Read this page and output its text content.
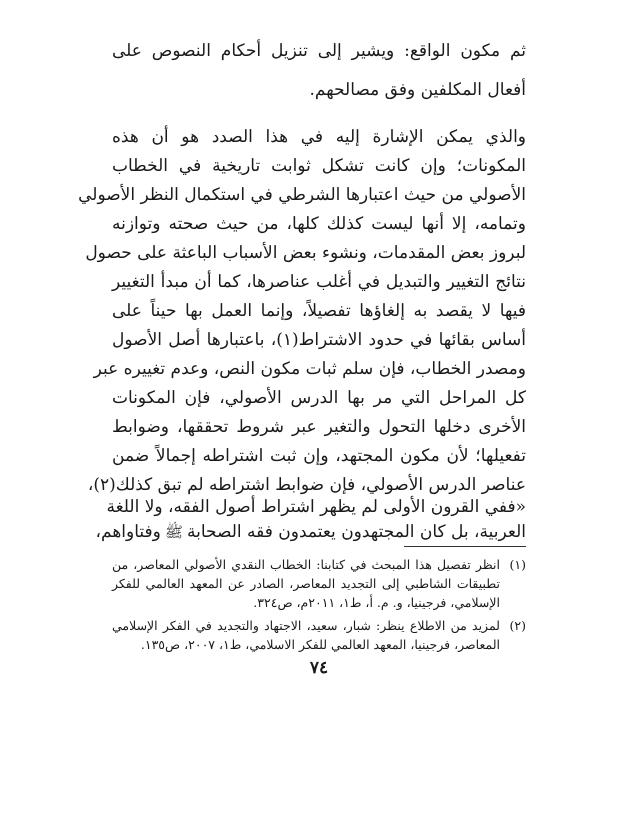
ثم مكون الواقع: ويشير إلى تنزيل أحكام النصوص على
أفعال المكلفين وفق مصالحهم.
والذي يمكن الإشارة إليه في هذا الصدد هو أن هذه
المكونات؛ وإن كانت تشكل ثوابت تاريخية في الخطاب
الأصولي من حيث اعتبارها الشرطي في استكمال النظر الأصولي
وتمامه، إلا أنها ليست كذلك كلها، من حيث صحته وتوازنه
لبروز بعض المقدمات، ونشوء بعض الأسباب الباعثة على حصول
نتائج التغيير والتبديل في أغلب عناصرها، كما أن مبدأ التغيير
فيها لا يقصد به إلغاؤها تفصيلاً، وإنما العمل بها حيناً على
أساس بقائها في حدود الاشتراط(١)، باعتبارها أصل الأصول
ومصدر الخطاب، فإن سلم ثبات مكون النص، وعدم تغييره عبر
كل المراحل التي مر بها الدرس الأصولي، فإن المكونات
الأخرى دخلها التحول والتغير عبر شروط تحققها، وضوابط
تفعيلها؛ لأن مكون المجتهد، وإن ثبت اشتراطه إجمالاً ضمن
عناصر الدرس الأصولي، فإن ضوابط اشتراطه لم تبق كذلك(٢)،
«ففي القرون الأولى لم يظهر اشتراط أصول الفقه، ولا اللغة
العربية، بل كان المجتهدون يعتمدون فقه الصحابةﷺوفتاواهم،
(١)
انظر تفصيل هذا المبحث في كتابنا: الخطاب النقدي الأصولي المعاصر، من
تطبيقات الشاطبي إلى التجديد المعاصر، الصادر عن المعهد العالمي للفكر
الإسلامي، فرجينيا، و. م. أ، ط١، ٢٠١١م، ص٣٢٤.
(٢)
لمزيد من الاطلاع ينظر: شبار، سعيد، الاجتهاد والتجديد في الفكر الإسلامي
المعاصر، فرجينيا، المعهد العالمي للفكر الاسلامي، ط١، ٢٠٠٧، ص١٣٥.
٧٤
